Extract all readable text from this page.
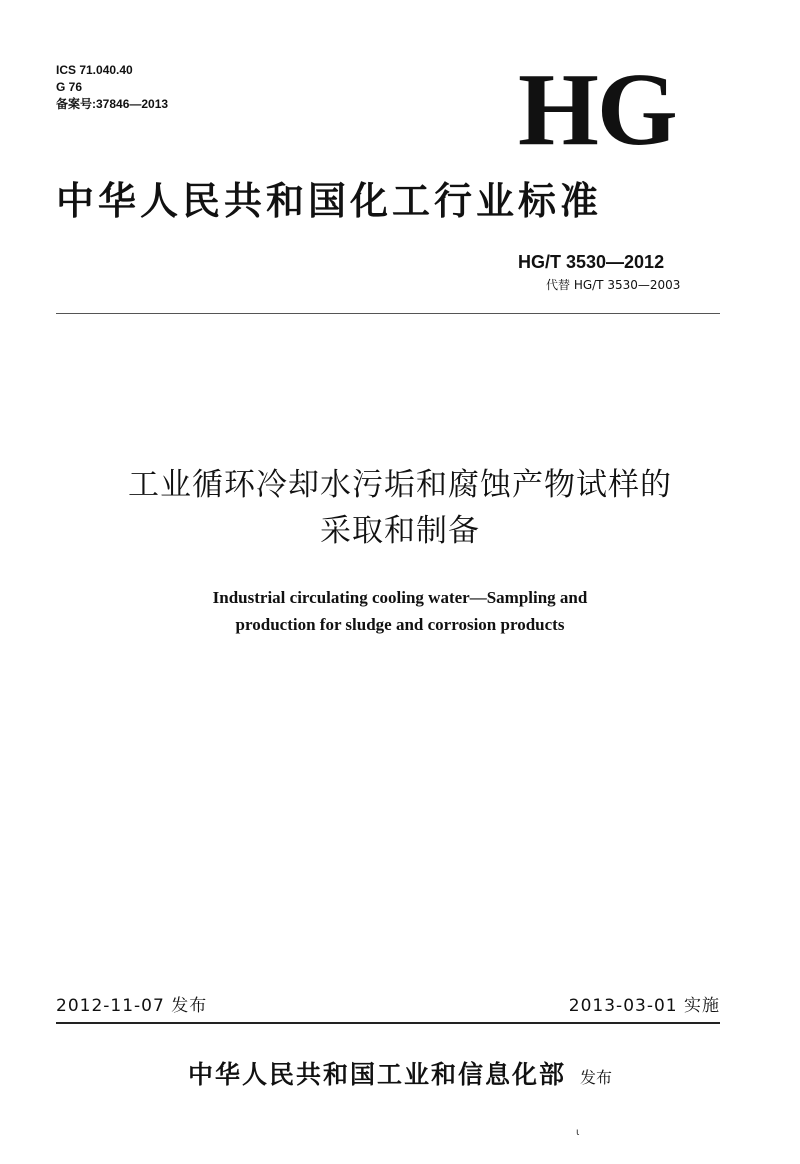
ICS 71.040.40
G 76
备案号:37846—2013	HG
中华人民共和国化工行业标准
HG/T 3530—2012
代替 HG/T 3530—2003
工业循环冷却水污垢和腐蚀产物试样的
采取和制备
Industrial circulating cooling water—Sampling and
production for sludge and corrosion products
2012-11-07 发布	2013-03-01 实施
中华人民共和国工业和信息化部 发布
ι
